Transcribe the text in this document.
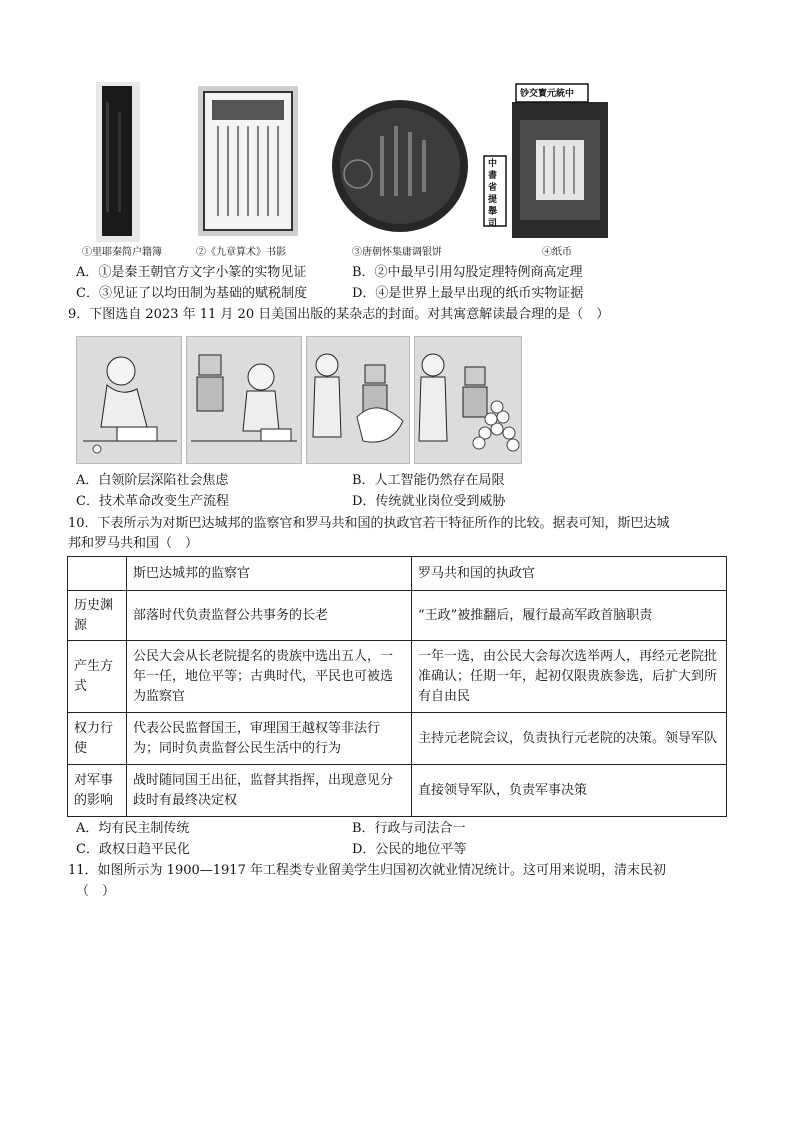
钞交寳元統中
中書省提舉司
①里耶秦简户籍簿	②《九章算术》书影	③唐朝怀集庸调银饼	④纸币
A．①是秦王朝官方文字小篆的实物见证	B．②中最早引用勾股定理特例商高定理
C．③见证了以均田制为基础的赋税制度	D．④是世界上最早出现的纸币实物证据
9．下图选自 2023 年 11 月 20 日美国出版的某杂志的封面。对其寓意解读最合理的是（　）
A．白领阶层深陷社会焦虑	B．人工智能仍然存在局限
C．技术革命改变生产流程	D．传统就业岗位受到威胁
10．下表所示为对斯巴达城邦的监察官和罗马共和国的执政官若干特征所作的比较。据表可知，斯巴达城
邦和罗马共和国（　）
	斯巴达城邦的监察官	罗马共和国的执政官
历史渊源	部落时代负责监督公共事务的长老	“王政”被推翻后，履行最高军政首脑职责
产生方式	公民大会从长老院提名的贵族中选出五人，一年一任，地位平等；古典时代，平民也可被选为监察官	一年一选，由公民大会每次选举两人，再经元老院批准确认；任期一年，起初仅限贵族参选，后扩大到所有自由民
权力行使	代表公民监督国王，审理国王越权等非法行为；同时负责监督公民生活中的行为	主持元老院会议，负责执行元老院的决策。领导军队
对军事的影响	战时随同国王出征，监督其指挥，出现意见分歧时有最终决定权	直接领导军队，负责军事决策
A．均有民主制传统	B．行政与司法合一
C．政权日趋平民化	D．公民的地位平等
11．如图所示为 1900—1917 年工程类专业留美学生归国初次就业情况统计。这可用来说明，清末民初
（　）
